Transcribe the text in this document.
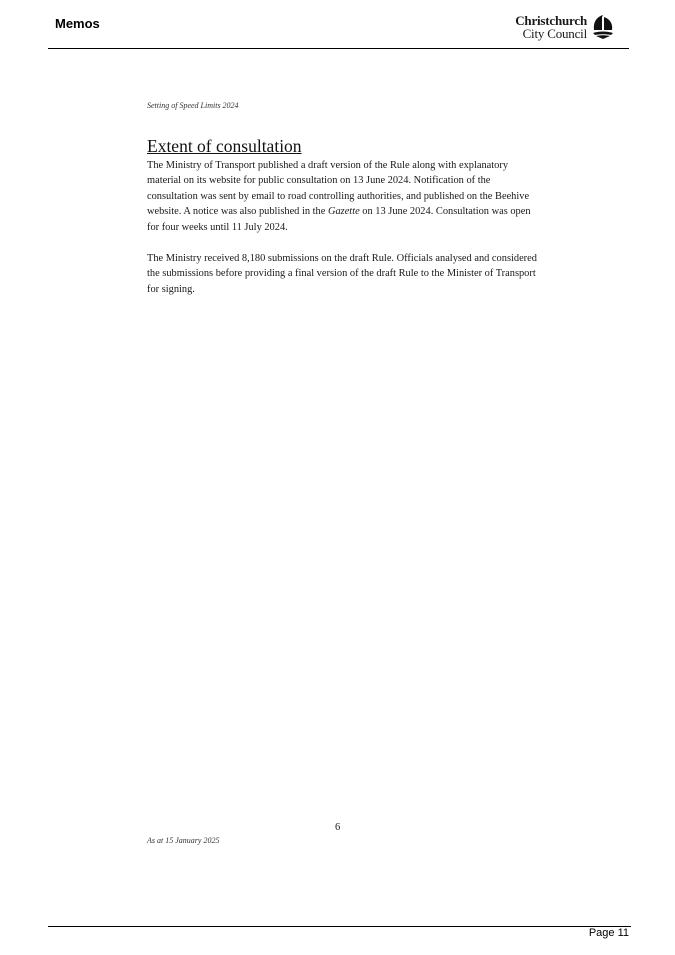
Memos	Christchurch
City Council
Setting of Speed Limits 2024
Extent of consultation

The Ministry of Transport published a draft version of the Rule along with explanatory material on its website for public consultation on 13 June 2024. Notification of the consultation was sent by email to road controlling authorities, and published on the Beehive website. A notice was also published in the Gazette on 13 June 2024. Consultation was open for four weeks until 11 July 2024.

The Ministry received 8,180 submissions on the draft Rule. Officials analysed and considered the submissions before providing a final version of the draft Rule to the Minister of Transport for signing.

6
As at 15 January 2025
Page 11
